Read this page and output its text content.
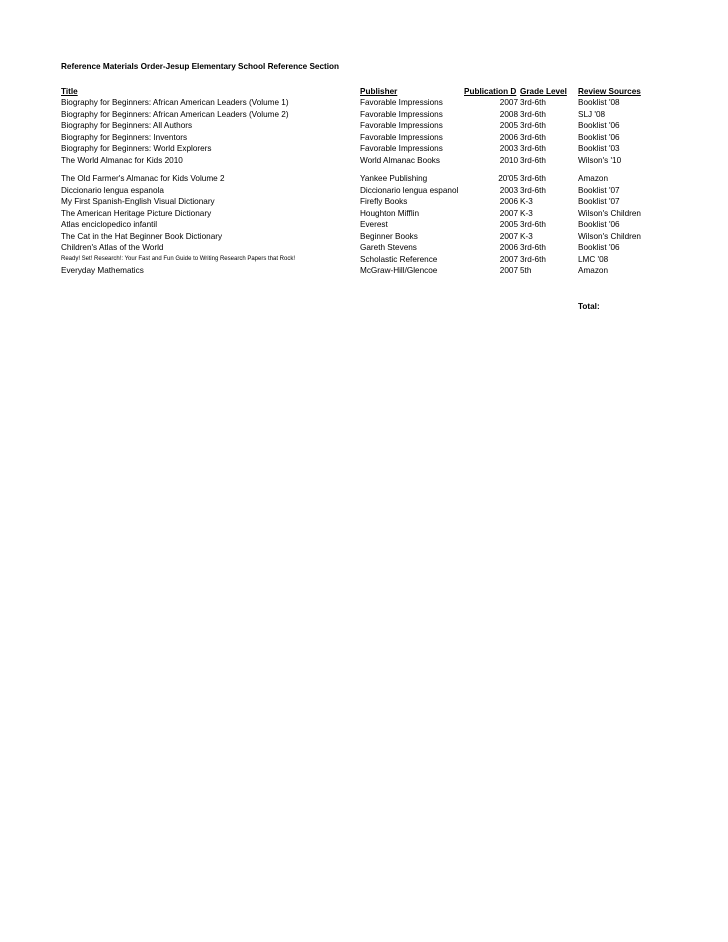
Reference Materials Order-Jesup Elementary School Reference Section
Title	Publisher	Publication D Grade Level	Review Sources
Biography for Beginners: African American Leaders (Volume 1)	Favorable Impressions	2007 3rd-6th	Booklist '08
Biography for Beginners: African American Leaders (Volume 2)	Favorable Impressions	2008 3rd-6th	SLJ '08
Biography for Beginners: All Authors	Favorable Impressions	2005 3rd-6th	Booklist '06
Biography for Beginners: Inventors	Favorable Impressions	2006 3rd-6th	Booklist '06
Biography for Beginners: World Explorers	Favorable Impressions	2003 3rd-6th	Booklist '03
The World Almanac for Kids 2010	World Almanac Books	2010 3rd-6th	Wilson's '10
The Old Farmer's Almanac for Kids Volume 2	Yankee Publishing	20'05 3rd-6th	Amazon
Diccionario lengua espanola	Diccionario lengua espanol	2003 3rd-6th	Booklist '07
My First Spanish-English Visual Dictionary	Firefly Books	2006 K-3	Booklist '07
The American Heritage Picture Dictionary	Houghton Mifflin	2007 K-3	Wilson's Children
Atlas enciclopedico infantil	Everest	2005 3rd-6th	Booklist '06
The Cat in the Hat Beginner Book Dictionary	Beginner Books	2007 K-3	Wilson's Children
Children's Atlas of the World	Gareth Stevens	2006 3rd-6th	Booklist '06
Ready! Set! Research!: Your Fast and Fun Guide to Writing Research Papers that Rock!	Scholastic Reference	2007 3rd-6th	LMC '08
Everyday Mathematics	McGraw-Hill/Glencoe	2007 5th	Amazon
Total:
